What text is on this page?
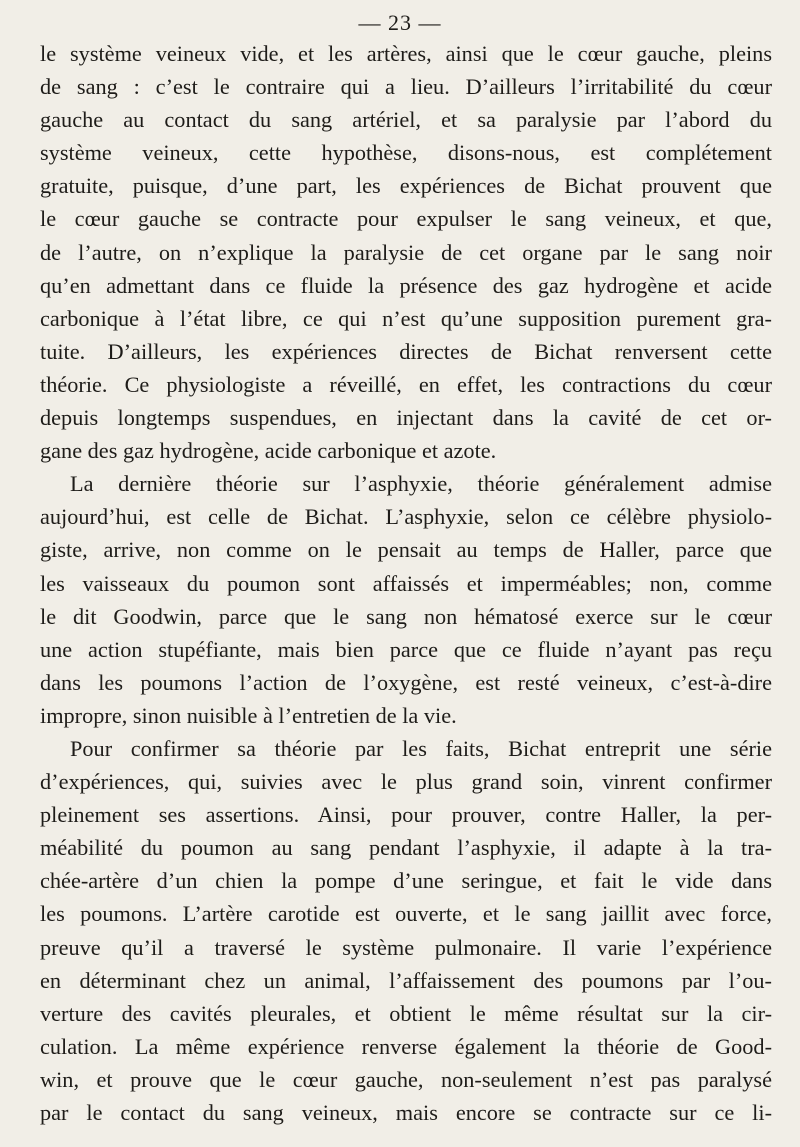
— 23 —
le système veineux vide, et les artères, ainsi que le cœur gauche, pleins
de sang : c’est le contraire qui a lieu. D’ailleurs l’irritabilité du cœur
gauche au contact du sang artériel, et sa paralysie par l’abord du
système veineux, cette hypothèse, disons-nous, est complétement
gratuite, puisque, d’une part, les expériences de Bichat prouvent que
le cœur gauche se contracte pour expulser le sang veineux, et que,
de l’autre, on n’explique la paralysie de cet organe par le sang noir
qu’en admettant dans ce fluide la présence des gaz hydrogène et acide
carbonique à l’état libre, ce qui n’est qu’une supposition purement gra-
tuite. D’ailleurs, les expériences directes de Bichat renversent cette
théorie. Ce physiologiste a réveillé, en effet, les contractions du cœur
depuis longtemps suspendues, en injectant dans la cavité de cet or-
gane des gaz hydrogène, acide carbonique et azote.
La dernière théorie sur l’asphyxie, théorie généralement admise
aujourd’hui, est celle de Bichat. L’asphyxie, selon ce célèbre physiolo-
giste, arrive, non comme on le pensait au temps de Haller, parce que
les vaisseaux du poumon sont affaissés et imperméables; non, comme
le dit Goodwin, parce que le sang non hématosé exerce sur le cœur
une action stupéfiante, mais bien parce que ce fluide n’ayant pas reçu
dans les poumons l’action de l’oxygène, est resté veineux, c’est-à-dire
impropre, sinon nuisible à l’entretien de la vie.
Pour confirmer sa théorie par les faits, Bichat entreprit une série
d’expériences, qui, suivies avec le plus grand soin, vinrent confirmer
pleinement ses assertions. Ainsi, pour prouver, contre Haller, la per-
méabilité du poumon au sang pendant l’asphyxie, il adapte à la tra-
chée-artère d’un chien la pompe d’une seringue, et fait le vide dans
les poumons. L’artère carotide est ouverte, et le sang jaillit avec force,
preuve qu’il a traversé le système pulmonaire. Il varie l’expérience
en déterminant chez un animal, l’affaissement des poumons par l’ou-
verture des cavités pleurales, et obtient le même résultat sur la cir-
culation. La même expérience renverse également la théorie de Good-
win, et prouve que le cœur gauche, non-seulement n’est pas paralysé
par le contact du sang veineux, mais encore se contracte sur ce li-
